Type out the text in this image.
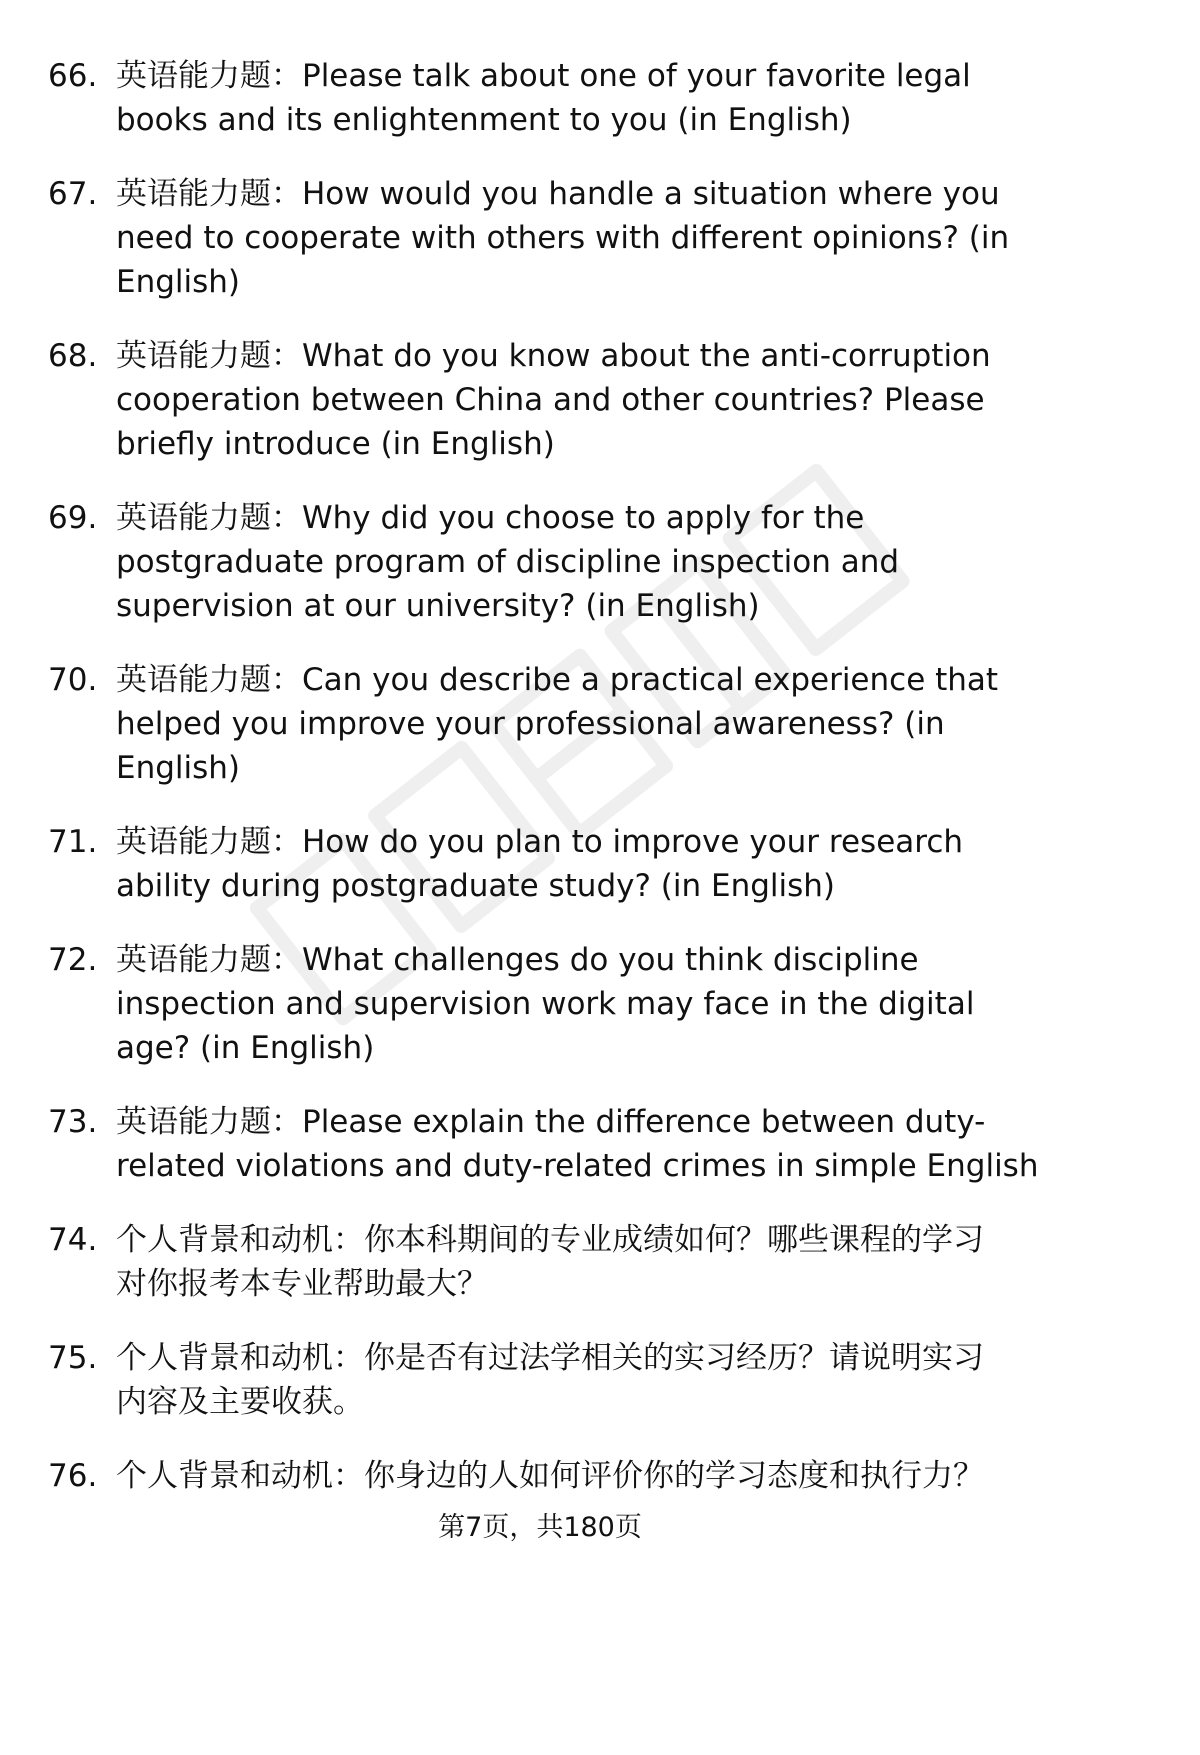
66. 英语能力题：Please talk about one of your favorite legal
books and its enlightenment to you (in English)
67. 英语能力题：How would you handle a situation where you
need to cooperate with others with different opinions? (in
English)
68. 英语能力题：What do you know about the anti-corruption
cooperation between China and other countries? Please
briefly introduce (in English)
69. 英语能力题：Why did you choose to apply for the
postgraduate program of discipline inspection and
supervision at our university? (in English)
70. 英语能力题：Can you describe a practical experience that
helped you improve your professional awareness? (in
English)
71. 英语能力题：How do you plan to improve your research
ability during postgraduate study? (in English)
72. 英语能力题：What challenges do you think discipline
inspection and supervision work may face in the digital
age? (in English)
73. 英语能力题：Please explain the difference between duty-
related violations and duty-related crimes in simple English
74. 个人背景和动机：你本科期间的专业成绩如何？哪些课程的学习
对你报考本专业帮助最大？
75. 个人背景和动机：你是否有过法学相关的实习经历？请说明实习
内容及主要收获。
76. 个人背景和动机：你身边的人如何评价你的学习态度和执行力？
第7页，共180页
